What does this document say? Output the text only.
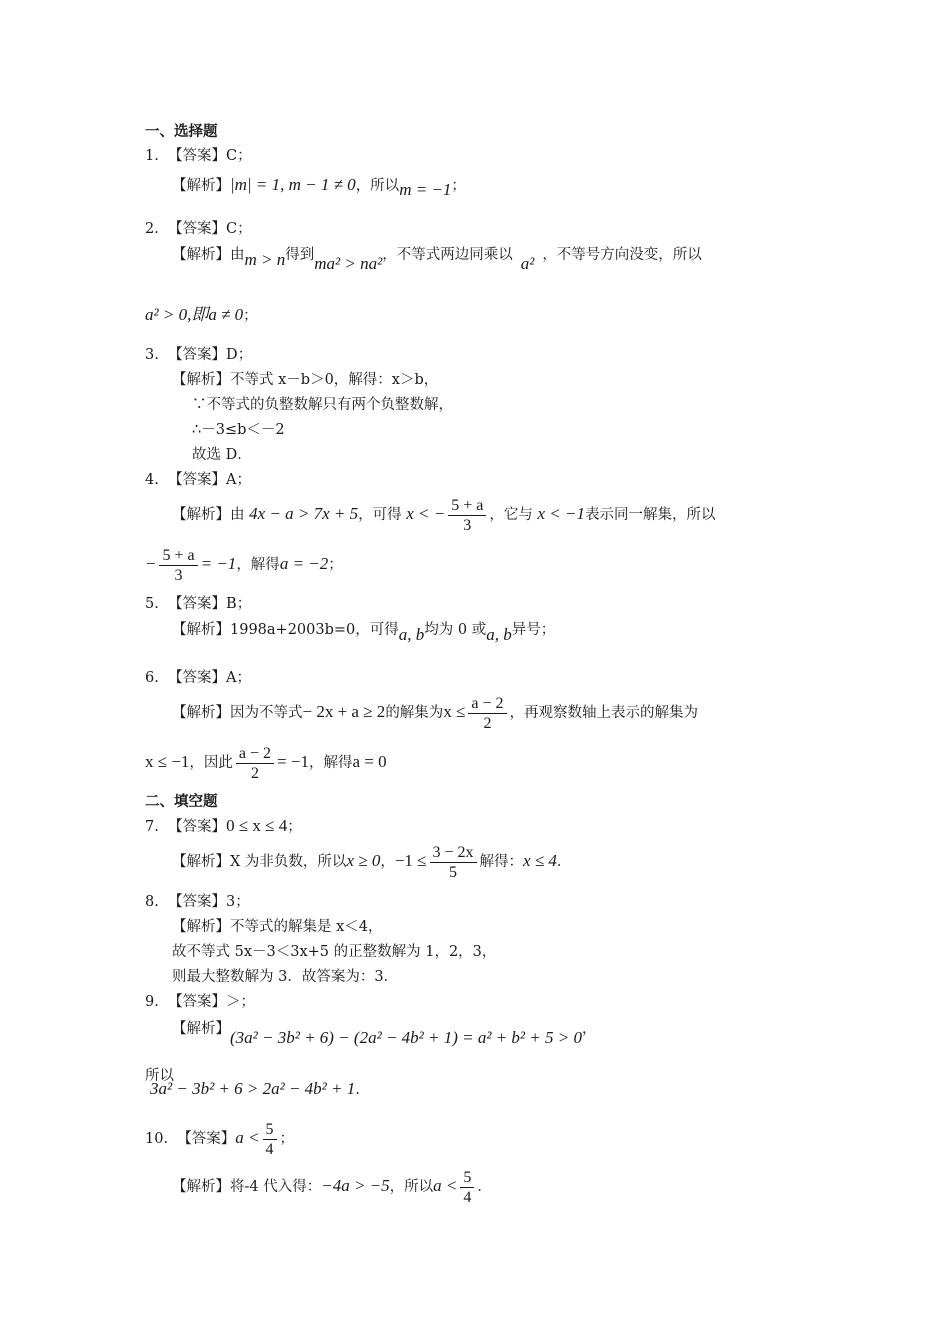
一、选择题
1. 【答案】C；
【解析】|m| = 1, m − 1 ≠ 0，所以m = −1；
2. 【答案】C；
【解析】由m > n得到ma² > na²，不等式两边同乘以 a² ，不等号方向没变，所以
a² > 0,即a ≠ 0；
3. 【答案】D；
【解析】不等式 x－b＞0，解得：x＞b，
∵不等式的负整数解只有两个负整数解，
∴－3≤b＜－2
故选 D．
4. 【答案】A；
【解析】由 4x − a > 7x + 5，可得 x < − $\frac{5 + a}{3}$ ，它与 x < −1表示同一解集，所以
− $\frac{5 + a}{3} = -1$，解得a = −2；
5. 【答案】B；
【解析】1998a+2003b=0，可得a, b均为 0 或a, b异号；
6. 【答案】A；
【解析】因为不等式− 2x + a ≥ 2的解集为$x \le \frac{a - 2}{2}$ ，再观察数轴上表示的解集为
x ≤ −1，因此 $\frac{a - 2}{2} = -1$，解得a = 0
二、填空题
7. 【答案】0 ≤ x ≤ 4；
【解析】X 为非负数，所以x ≥ 0，$-1 \le \frac{3 - 2x}{5}$ 解得：x ≤ 4．
8. 【答案】3；
【解析】不等式的解集是 x＜4，
故不等式 5x－3＜3x+5 的正整数解为 1，2，3，
则最大整数解为 3．故答案为：3．
9. 【答案】＞；
【解析】(3a² − 3b² + 6) − (2a² − 4b² + 1) = a² + b² + 5 > 0，
所以
3a² − 3b² + 6 > 2a² − 4b² + 1.
10. 【答案】$a < \frac{5}{4}$ ；
【解析】将-4 代入得：−4a > −5，所以$a < \frac{5}{4}$ ．
